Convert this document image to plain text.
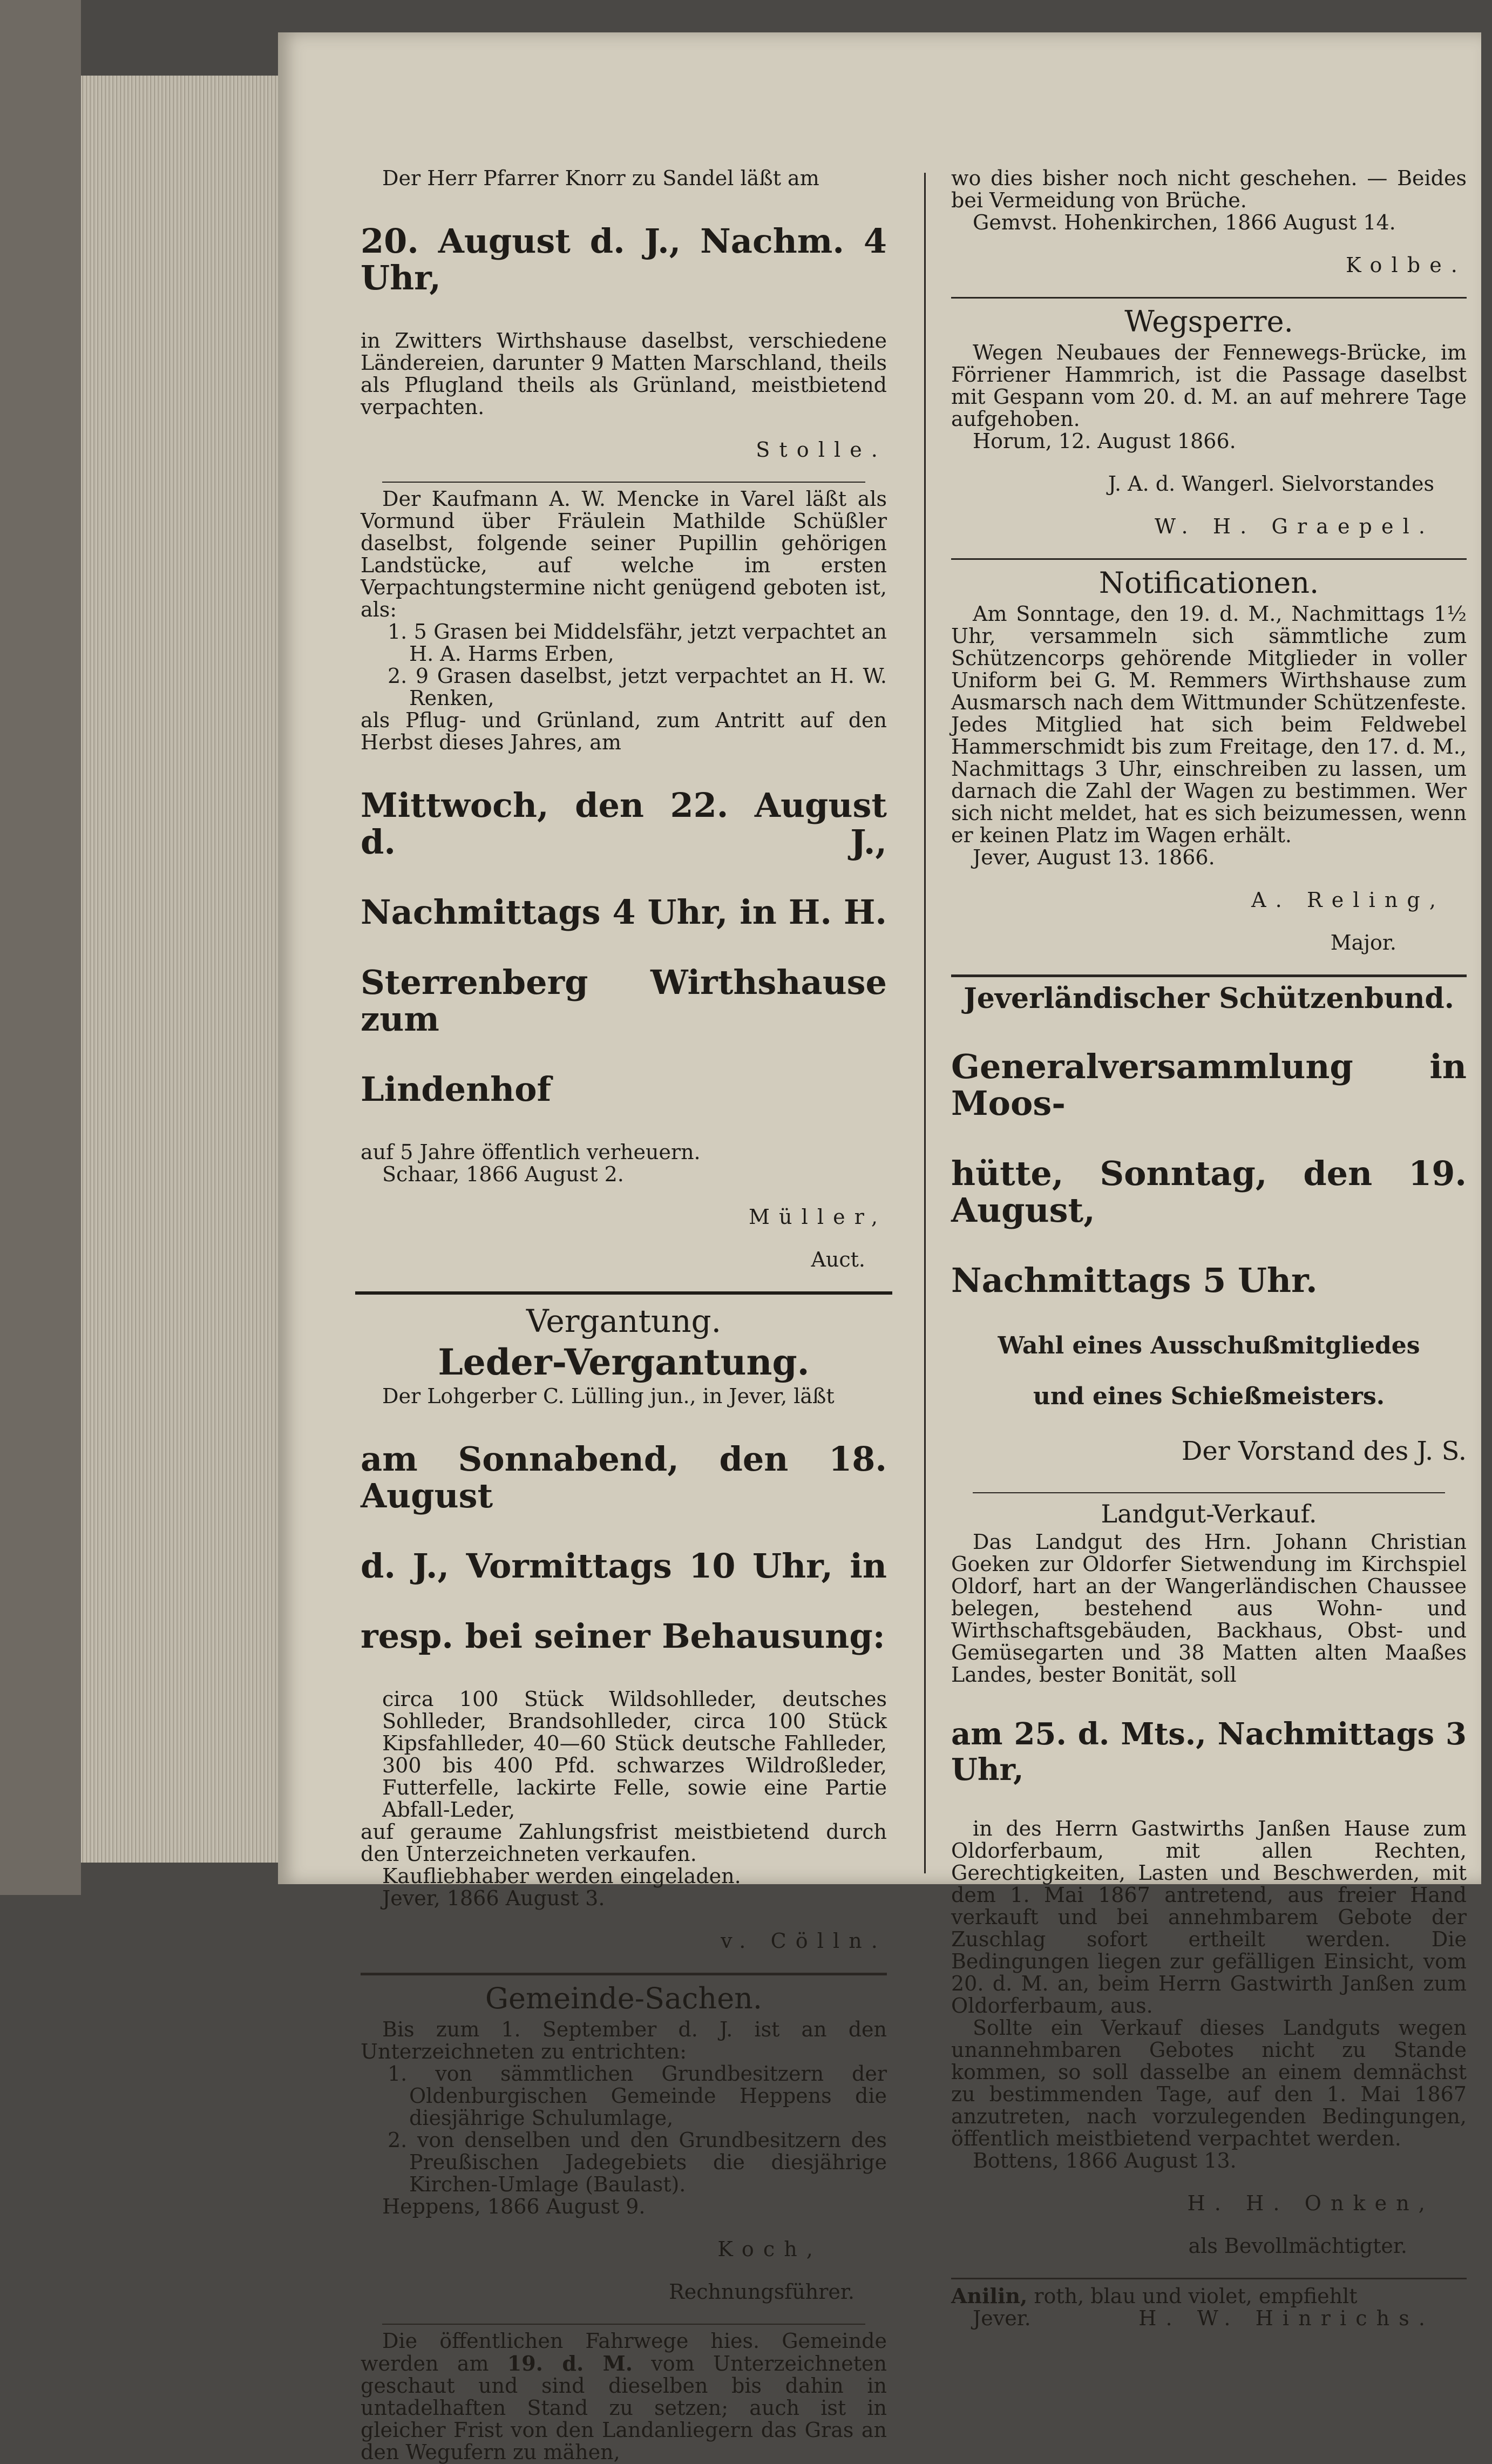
Der Herr Pfarrer Knorr zu Sandel läßt am

20. August d. J., Nachm. 4 Uhr,

in Zwitters Wirthshause daselbst, verschiedene Ländereien, darunter 9 Matten Marschland, theils als Pflugland theils als Grünland, meistbietend verpachten.

Stolle.

Der Kaufmann A. W. Mencke in Varel läßt als Vormund über Fräulein Mathilde Schüßler daselbst, folgende seiner Pupillin gehörigen Landstücke, auf welche im ersten Verpachtungstermine nicht genügend geboten ist, als:

1. 5 Grasen bei Middelsfähr, jetzt verpachtet an H. A. Harms Erben,

2. 9 Grasen daselbst, jetzt verpachtet an H. W. Renken,

als Pflug- und Grünland, zum Antritt auf den Herbst dieses Jahres, am

Mittwoch, den 22. August d. J.,

Nachmittags 4 Uhr, in H. H.

Sterrenberg Wirthshause zum

Lindenhof

auf 5 Jahre öffentlich verheuern.

Schaar, 1866 August 2.

Müller,

Auct.

Vergantung.

Leder-Vergantung.

Der Lohgerber C. Lülling jun., in Jever, läßt

am Sonnabend, den 18. August

d. J., Vormittags 10 Uhr, in

resp. bei seiner Behausung:

circa 100 Stück Wildsohlleder, deutsches Sohlleder, Brandsohlleder, circa 100 Stück Kipsfahlleder, 40—60 Stück deutsche Fahlleder, 300 bis 400 Pfd. schwarzes Wildroßleder, Futterfelle, lackirte Felle, sowie eine Partie Abfall-Leder,

auf geraume Zahlungsfrist meistbietend durch den Unterzeichneten verkaufen.

Kaufliebhaber werden eingeladen.

Jever, 1866 August 3.

v. Cölln.

Gemeinde-Sachen.

Bis zum 1. September d. J. ist an den Unterzeichneten zu entrichten:

1. von sämmtlichen Grundbesitzern der Oldenburgischen Gemeinde Heppens die diesjährige Schulumlage,

2. von denselben und den Grundbesitzern des Preußischen Jadegebiets die diesjährige Kirchen-Umlage (Baulast).

Heppens, 1866 August 9.

Koch,

Rechnungsführer.

Die öffentlichen Fahrwege hies. Gemeinde werden am 19. d. M. vom Unterzeichneten geschaut und sind dieselben bis dahin in untadelhaften Stand zu setzen; auch ist in gleicher Frist von den Landanliegern das Gras an den Wegufern zu mähen,

wo dies bisher noch nicht geschehen. — Beides bei Vermeidung von Brüche.

Gemvst. Hohenkirchen, 1866 August 14.

Kolbe.

Wegsperre.

Wegen Neubaues der Fennewegs-Brücke, im Förriener Hammrich, ist die Passage daselbst mit Gespann vom 20. d. M. an auf mehrere Tage aufgehoben.

Horum, 12. August 1866.

J. A. d. Wangerl. Sielvorstandes

W. H. Graepel.

Notificationen.

Am Sonntage, den 19. d. M., Nachmittags 1½ Uhr, versammeln sich sämmtliche zum Schützencorps gehörende Mitglieder in voller Uniform bei G. M. Remmers Wirthshause zum Ausmarsch nach dem Wittmunder Schützenfeste. Jedes Mitglied hat sich beim Feldwebel Hammerschmidt bis zum Freitage, den 17. d. M., Nachmittags 3 Uhr, einschreiben zu lassen, um darnach die Zahl der Wagen zu bestimmen. Wer sich nicht meldet, hat es sich beizumessen, wenn er keinen Platz im Wagen erhält.

Jever, August 13. 1866.

A. Reling,

Major.

Jeverländischer Schützenbund.

Generalversammlung in Moos-

hütte, Sonntag, den 19. August,

Nachmittags 5 Uhr.

Wahl eines Ausschußmitgliedes

und eines Schießmeisters.

Der Vorstand des J. S.

Landgut-Verkauf.

Das Landgut des Hrn. Johann Christian Goeken zur Oldorfer Sietwendung im Kirchspiel Oldorf, hart an der Wangerländischen Chaussee belegen, bestehend aus Wohn- und Wirthschaftsgebäuden, Backhaus, Obst- und Gemüsegarten und 38 Matten alten Maaßes Landes, bester Bonität, soll

am 25. d. Mts., Nachmittags 3 Uhr,

in des Herrn Gastwirths Janßen Hause zum Oldorferbaum, mit allen Rechten, Gerechtigkeiten, Lasten und Beschwerden, mit dem 1. Mai 1867 antretend, aus freier Hand verkauft und bei annehmbarem Gebote der Zuschlag sofort ertheilt werden. Die Bedingungen liegen zur gefälligen Einsicht, vom 20. d. M. an, beim Herrn Gastwirth Janßen zum Oldorferbaum, aus.

Sollte ein Verkauf dieses Landguts wegen unannehmbaren Gebotes nicht zu Stande kommen, so soll dasselbe an einem demnächst zu bestimmenden Tage, auf den 1. Mai 1867 anzutreten, nach vorzulegenden Bedingungen, öffentlich meistbietend verpachtet werden.

Bottens, 1866 August 13.

H. H. Onken,

als Bevollmächtigter.

Anilin, roth, blau und violet, empfiehlt

Jever.	H. W. Hinrichs.
